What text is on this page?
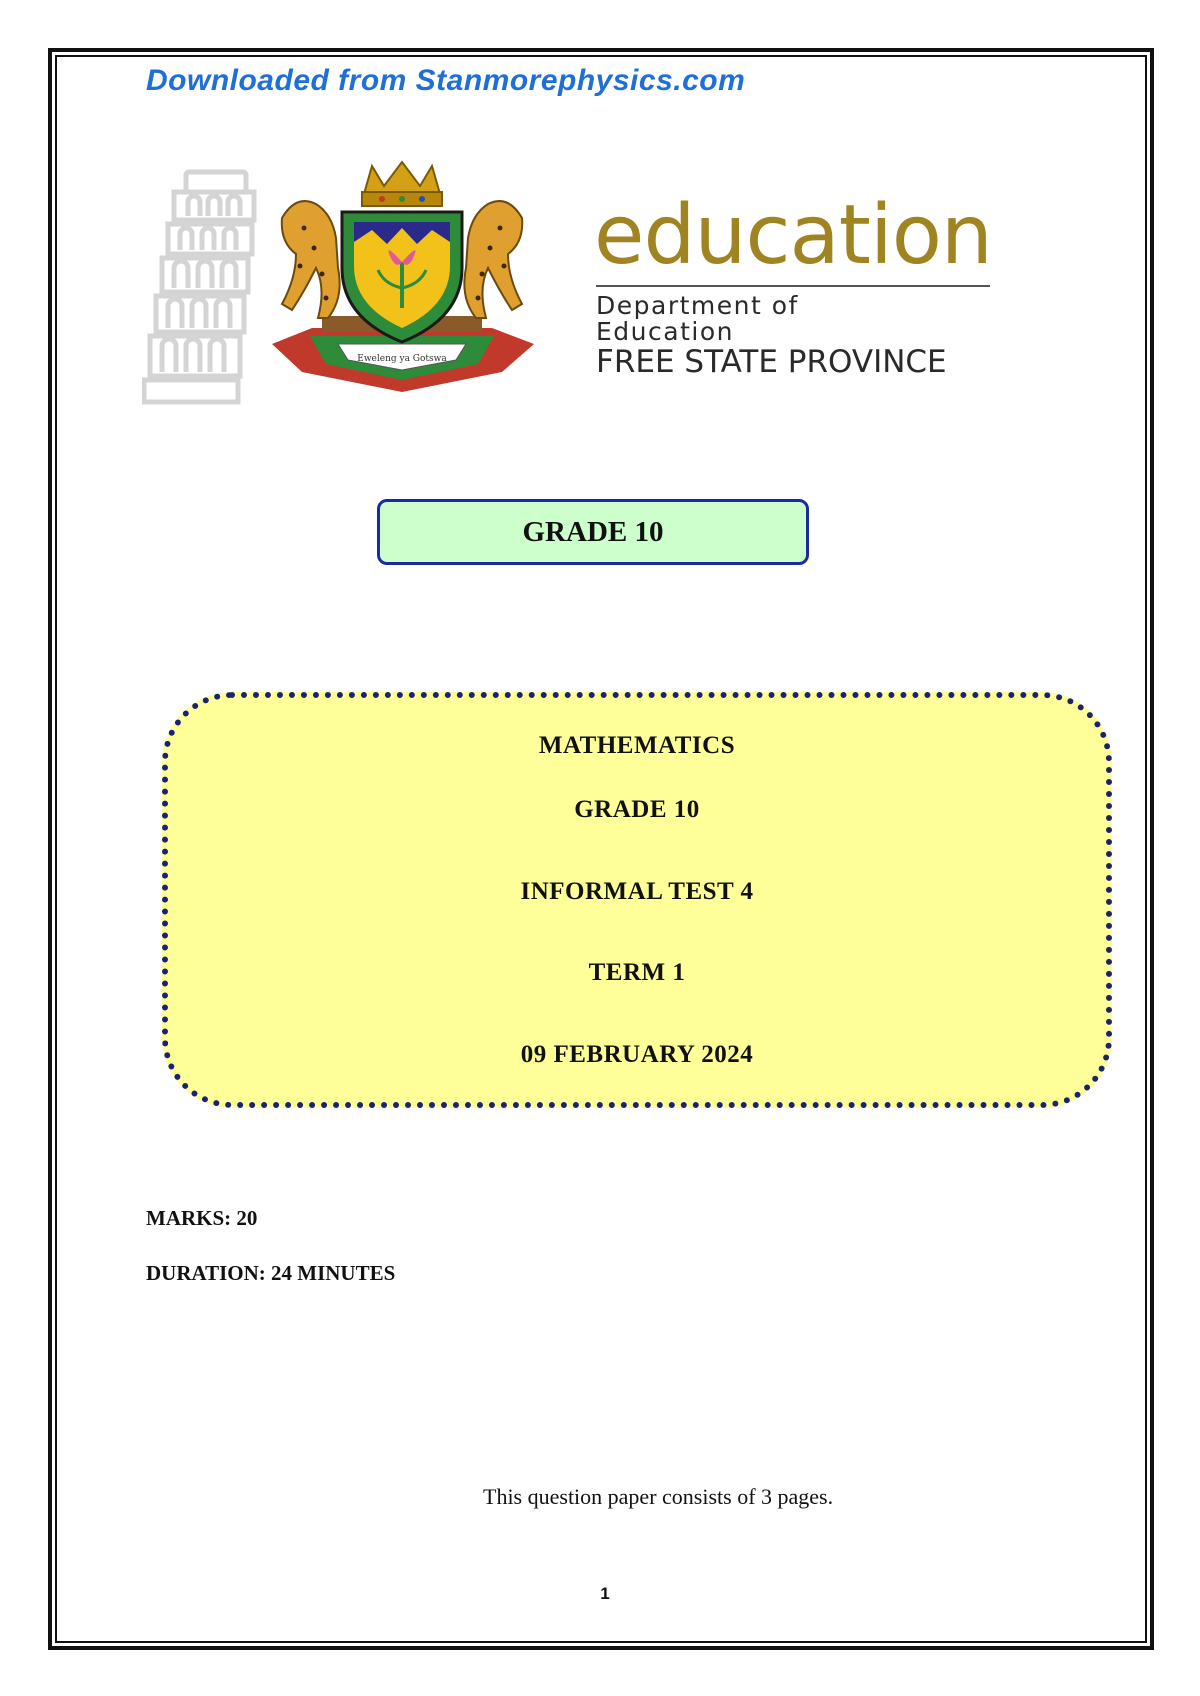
Downloaded from Stanmorephysics.com
Eweleng ya Gotswa
education
Department of
Education
FREE STATE PROVINCE
GRADE 10
MATHEMATICS
GRADE 10
INFORMAL TEST 4
TERM 1
09 FEBRUARY 2024
MARKS: 20
DURATION: 24 MINUTES
This question paper consists of 3 pages.
1
